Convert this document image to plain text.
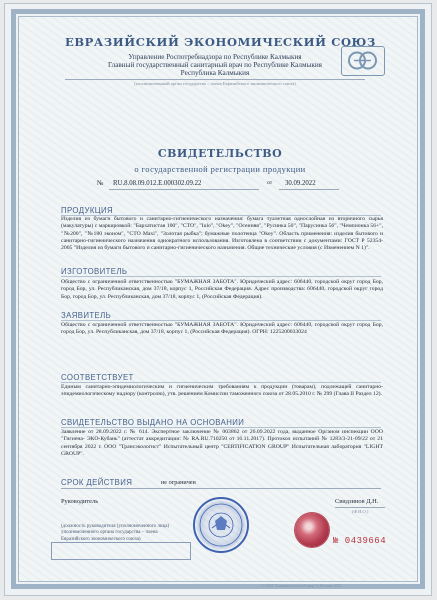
ЕВРАЗИЙСКИЙ ЭКОНОМИЧЕСКИЙ СОЮЗ
Управление Роспотребнадзора по Республике Калмыкия
Главный государственный санитарный врач по Республике Калмыкия
Республика Калмыкия
(уполномоченный орган государства – члена Евразийского экономического союза)
СВИДЕТЕЛЬСТВО
о государственной регистрации продукции
№ RU.8.08.09.012.Е.000302.09.22	от 30.09.2022
ПРОДУКЦИЯ
Изделия из бумаги бытового и санитарно-гигиенического назначения: бумага туалетная однослойная из вторичного сырья (макулатуры) с маркировкой: "Бархатистая 100", "СТО", "Iulo", "Okey", "Осенняя", "Русинка 50", "Парусинка 56", "Чемпионка 56+", "№200", "№180 эконом", "СТО Махі", "Золотая рыбка"; бумажные полотенца "Okey". Область применения: изделия бытового и санитарно-гигиенического назначения однократного использования. Изготовлена в соответствии с документами: ГОСТ Р 52354-2005 "Изделия из бумаги бытового и санитарно-гигиенического назначения. Общие технические условия (с Изменением N 1)".
ИЗГОТОВИТЕЛЬ
Общество с ограниченной ответственностью "БУМАЖНАЯ ЗАБОТА". Юридический адрес: 606440, городской округ город Бор, город Бор, ул. Республиканская, дом 37/18, корпус 1, Российская Федерация. Адрес производства: 606440, городской округ город Бор, город Бор, ул. Республиканская, дом 37/18, корпус 1, (Российская Федерация).
ЗАЯВИТЕЛЬ
Общество с ограниченной ответственностью "БУМАЖНАЯ ЗАБОТА". Юридический адрес: 606440, городской округ город Бор, город Бор, ул. Республиканская, дом 37/18, корпус 1, (Российская Федерация). ОГРН: 1225200033024
СООТВЕТСТВУЕТ
Единым санитарно-эпидемиологическим и гигиеническим требованиям к продукции (товарам), подлежащей санитарно-эпидемиологическому надзору (контролю), утв. решением Комиссии таможенного союза от 28.05.2010 г. № 299 (Глава II Раздел 12).
СВИДЕТЕЛЬСТВО ВЫДАНО НА ОСНОВАНИИ
Заявление от 28.09.2022 г. № 614. Экспертное заключение № 003862 от 26.09.2022 года, выданное Органом инспекции ООО "Гигиена- ЭКО-Кубань" (аттестат аккредитации: № RA.RU.710250 от 16.11.2017). Протокол испытаний № 1283/3-21-09/22 от 21 сентября 2022 г. ООО "Трансэкологист" Испытательный центр "CERTIFICATION GROUP" Испытательная лаборатория "LIGHT GROUP".
СРОК ДЕЙСТВИЯ	не ограничен
Руководитель	Свидзинов Д.Н.
(Ф.И.О.)
(должность руководителя (уполномоченного лица) уполномоченного органа государства – члена Евразийского экономического союза)	№ 0439664
© ООО "Главный печатный двор" г. Москва, 2021
